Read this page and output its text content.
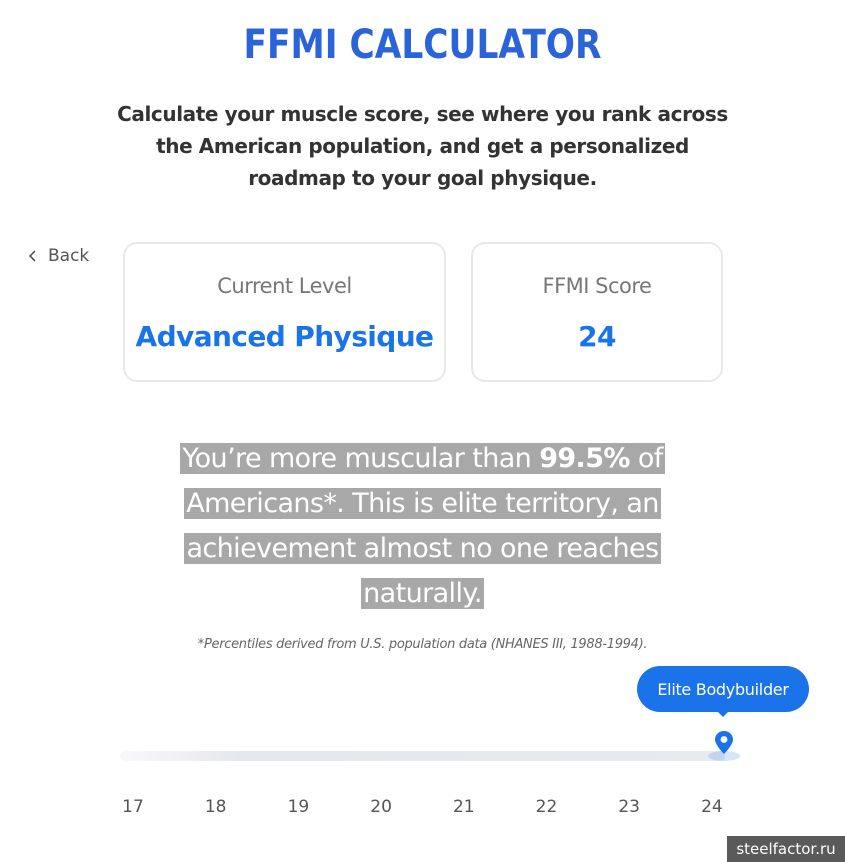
FFMI CALCULATOR
Calculate your muscle score, see where you rank across the American population, and get a personalized roadmap to your goal physique.
Back
Current Level
Advanced Physique
FFMI Score
24
You’re more muscular than 99.5% of Americans*. This is elite territory, an achievement almost no one reaches naturally.
*Percentiles derived from U.S. population data (NHANES III, 1988-1994).
Elite Bodybuilder
17	18	19	20	21	22	23	24
steelfactor.ru
